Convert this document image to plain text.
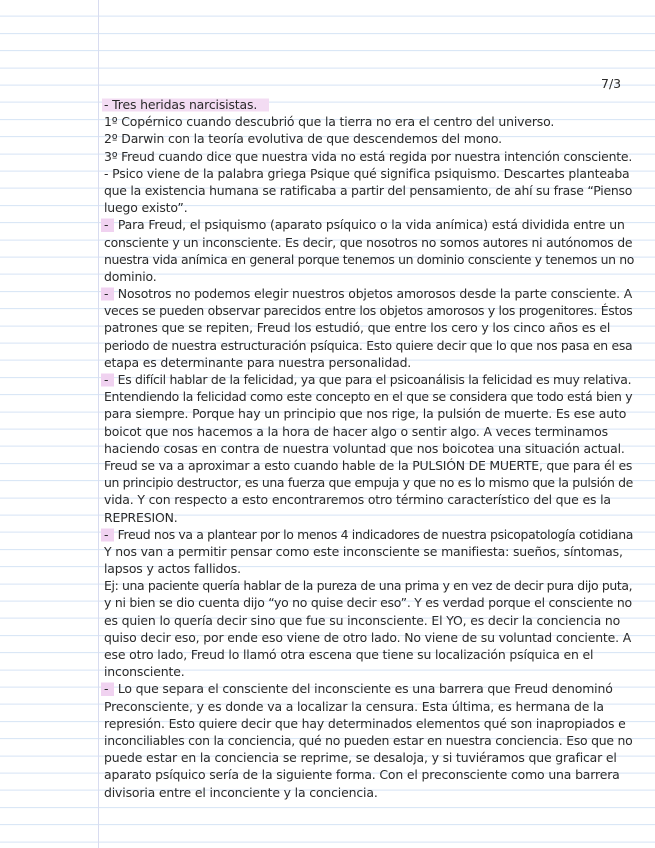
7/3
- Tres heridas narcisistas.
1º Copérnico cuando descubrió que la tierra no era el centro del universo.
2º Darwin con la teoría evolutiva de que descendemos del mono.
3º Freud cuando dice que nuestra vida no está regida por nuestra intención consciente.
- Psico viene de la palabra griega Psique qué significa psiquismo. Descartes planteaba
que la existencia humana se ratificaba a partir del pensamiento, de ahí su frase “Pienso
luego existo”.
- Para Freud, el psiquismo (aparato psíquico o la vida anímica) está dividida entre un
consciente y un inconsciente. Es decir, que nosotros no somos autores ni autónomos de
nuestra vida anímica en general porque tenemos un dominio consciente y tenemos un no
dominio.
- Nosotros no podemos elegir nuestros objetos amorosos desde la parte consciente. A
veces se pueden observar parecidos entre los objetos amorosos y los progenitores. Éstos
patrones que se repiten, Freud los estudió, que entre los cero y los cinco años es el
periodo de nuestra estructuración psíquica. Esto quiere decir que lo que nos pasa en esa
etapa es determinante para nuestra personalidad.
- Es difícil hablar de la felicidad, ya que para el psicoanálisis la felicidad es muy relativa.
Entendiendo la felicidad como este concepto en el que se considera que todo está bien y
para siempre. Porque hay un principio que nos rige, la pulsión de muerte. Es ese auto
boicot que nos hacemos a la hora de hacer algo o sentir algo. A veces terminamos
haciendo cosas en contra de nuestra voluntad que nos boicotea una situación actual.
Freud se va a aproximar a esto cuando hable de la PULSIÓN DE MUERTE, que para él es
un principio destructor, es una fuerza que empuja y que no es lo mismo que la pulsión de
vida. Y con respecto a esto encontraremos otro término característico del que es la
REPRESION.
- Freud nos va a plantear por lo menos 4 indicadores de nuestra psicopatología cotidiana
Y nos van a permitir pensar como este inconsciente se manifiesta: sueños, síntomas,
lapsos y actos fallidos.
Ej: una paciente quería hablar de la pureza de una prima y en vez de decir pura dijo puta,
y ni bien se dio cuenta dijo “yo no quise decir eso”. Y es verdad porque el consciente no
es quien lo quería decir sino que fue su inconsciente. El YO, es decir la conciencia no
quiso decir eso, por ende eso viene de otro lado. No viene de su voluntad conciente. A
ese otro lado, Freud lo llamó otra escena que tiene su localización psíquica en el
inconsciente.
- Lo que separa el consciente del inconsciente es una barrera que Freud denominó
Preconsciente, y es donde va a localizar la censura. Esta última, es hermana de la
represión. Esto quiere decir que hay determinados elementos qué son inapropiados e
inconciliables con la conciencia, qué no pueden estar en nuestra conciencia. Eso que no
puede estar en la conciencia se reprime, se desaloja, y si tuviéramos que graficar el
aparato psíquico sería de la siguiente forma. Con el preconsciente como una barrera
divisoria entre el inconciente y la conciencia.
